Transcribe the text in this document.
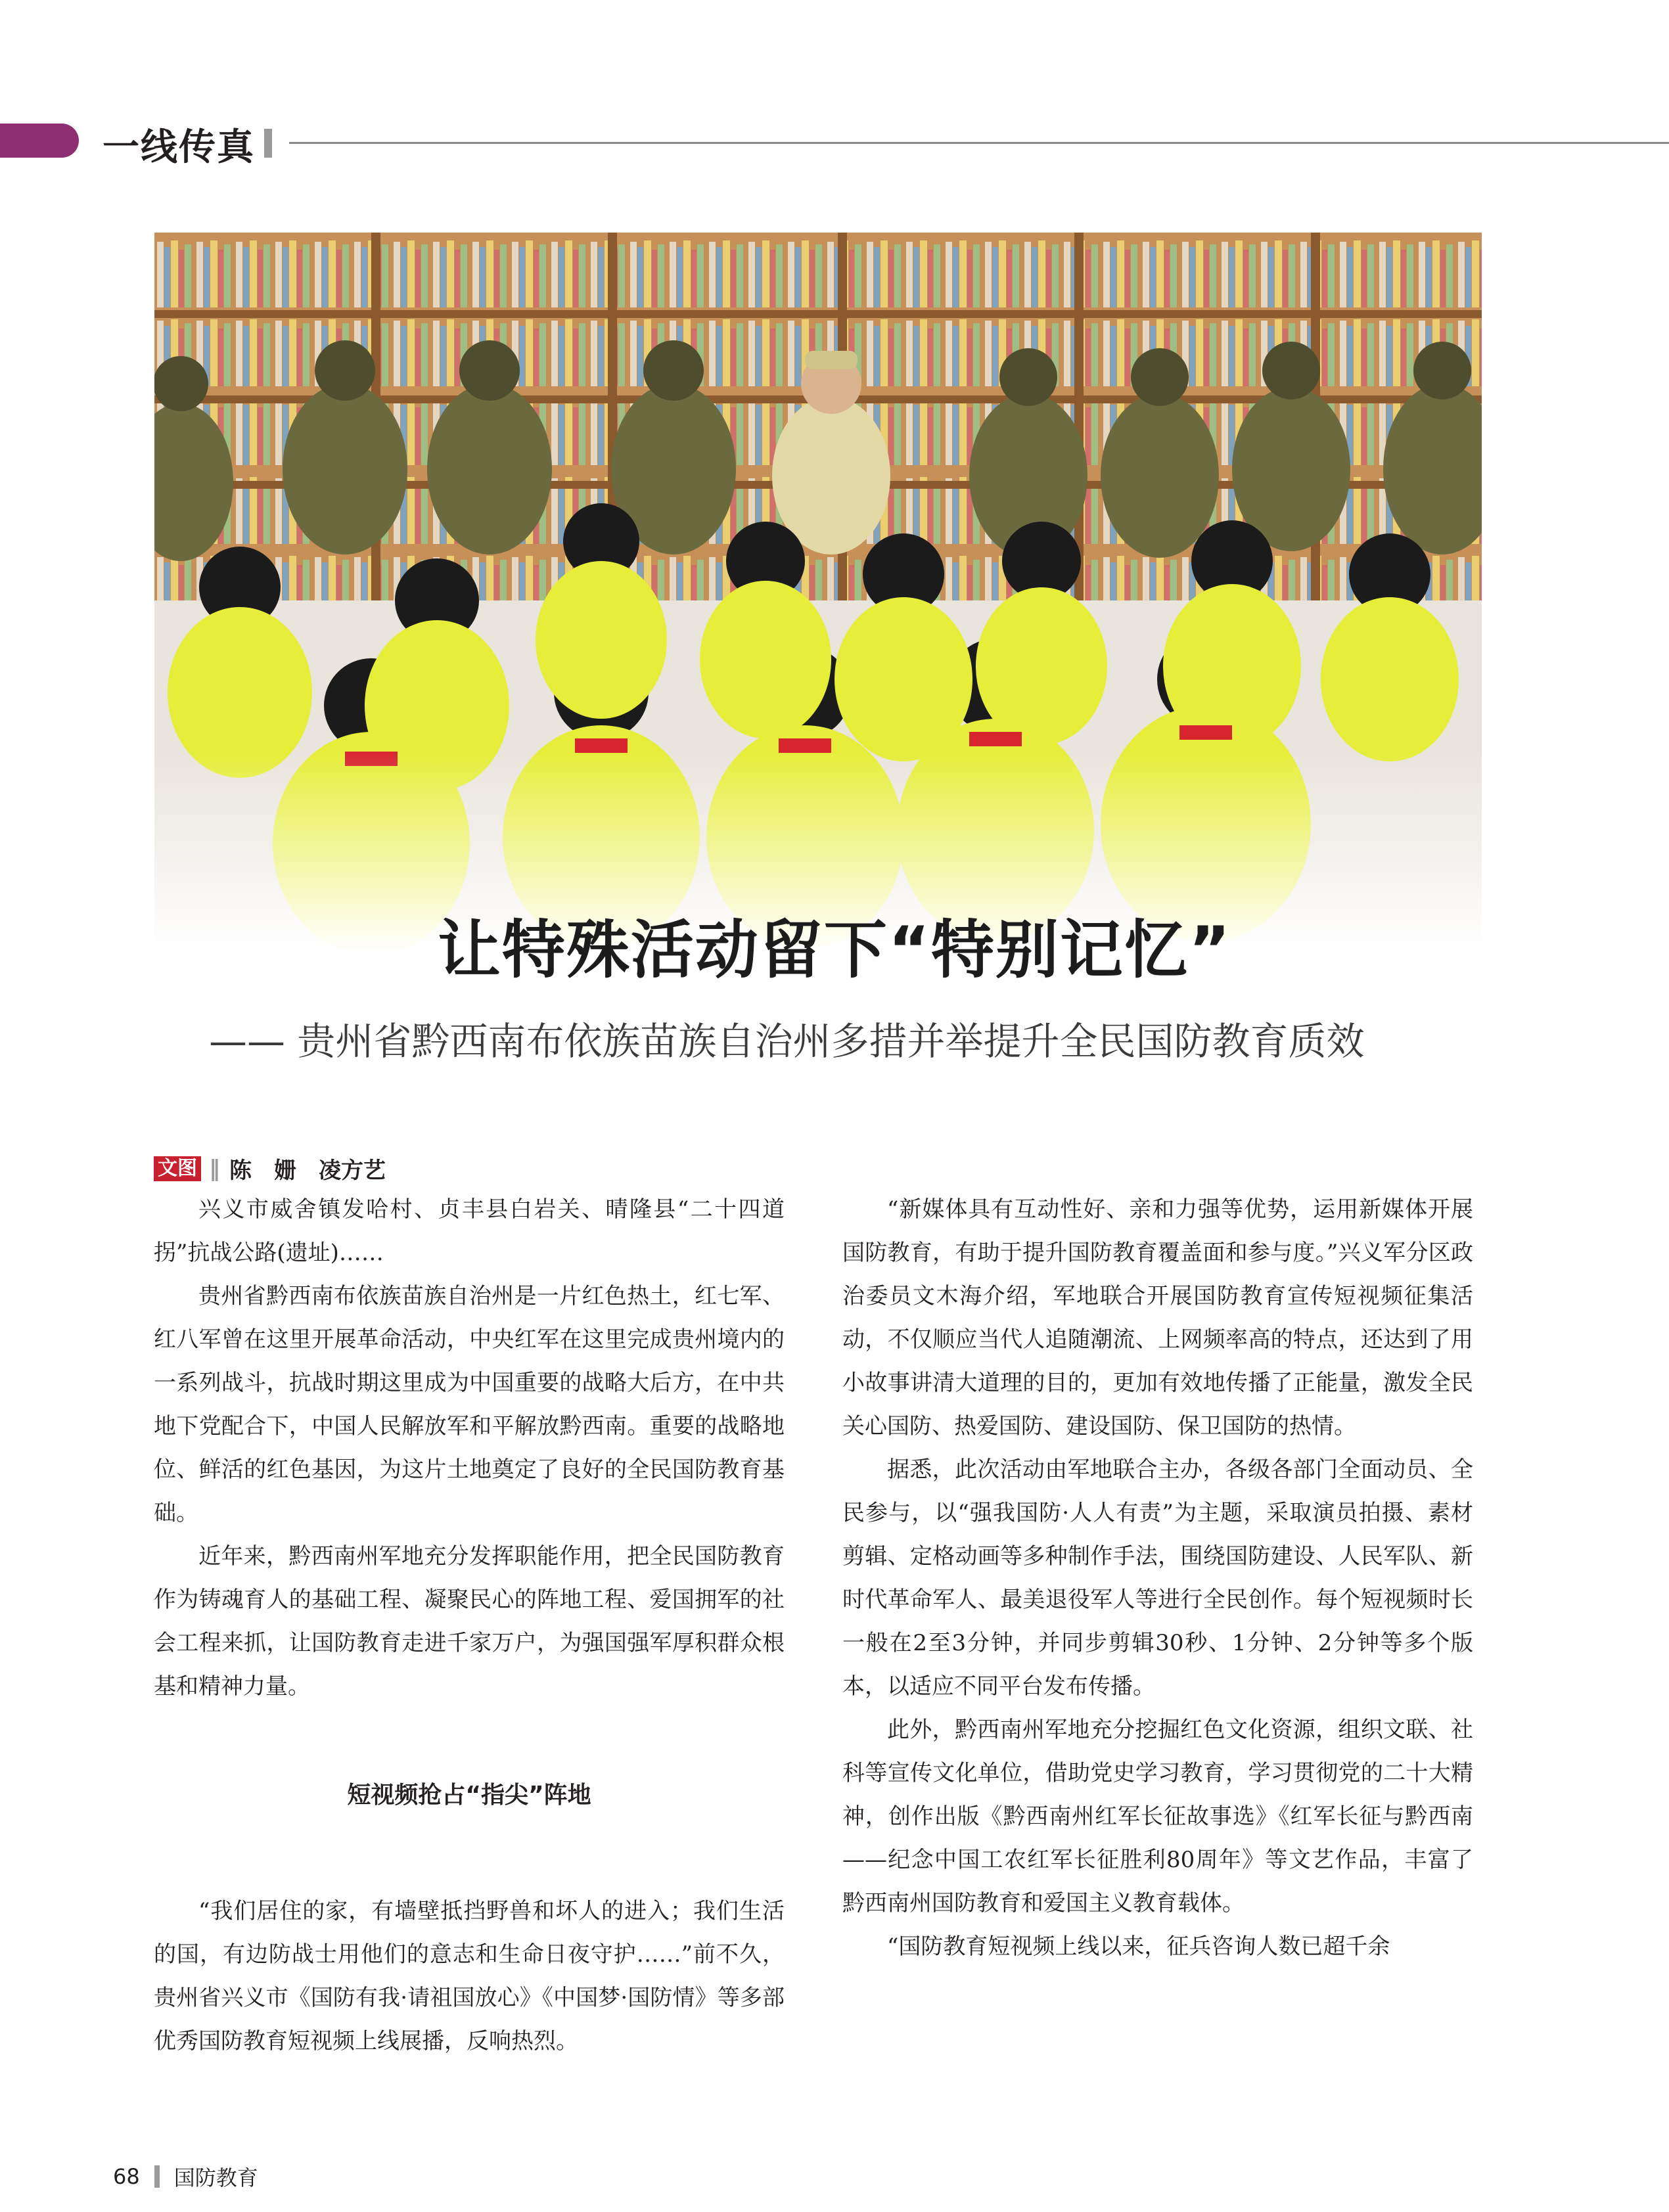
一线传真
让特殊活动留下“特别记忆”
—— 贵州省黔西南布依族苗族自治州多措并举提升全民国防教育质效
文图 ‖ 陈　姗　凌方艺

兴义市威舍镇发哈村、贞丰县白岩关、晴隆县“二十四道拐”抗战公路(遗址)……

贵州省黔西南布依族苗族自治州是一片红色热土，红七军、红八军曾在这里开展革命活动，中央红军在这里完成贵州境内的一系列战斗，抗战时期这里成为中国重要的战略大后方，在中共地下党配合下，中国人民解放军和平解放黔西南。重要的战略地位、鲜活的红色基因，为这片土地奠定了良好的全民国防教育基础。

近年来，黔西南州军地充分发挥职能作用，把全民国防教育作为铸魂育人的基础工程、凝聚民心的阵地工程、爱国拥军的社会工程来抓，让国防教育走进千家万户，为强国强军厚积群众根基和精神力量。

短视频抢占“指尖”阵地

“我们居住的家，有墙壁抵挡野兽和坏人的进入；我们生活的国，有边防战士用他们的意志和生命日夜守护……”前不久，贵州省兴义市《国防有我·请祖国放心》《中国梦·国防情》等多部优秀国防教育短视频上线展播，反响热烈。

“新媒体具有互动性好、亲和力强等优势，运用新媒体开展国防教育，有助于提升国防教育覆盖面和参与度。”兴义军分区政治委员文木海介绍，军地联合开展国防教育宣传短视频征集活动，不仅顺应当代人追随潮流、上网频率高的特点，还达到了用小故事讲清大道理的目的，更加有效地传播了正能量，激发全民关心国防、热爱国防、建设国防、保卫国防的热情。

据悉，此次活动由军地联合主办，各级各部门全面动员、全民参与，以“强我国防·人人有责”为主题，采取演员拍摄、素材剪辑、定格动画等多种制作手法，围绕国防建设、人民军队、新时代革命军人、最美退役军人等进行全民创作。每个短视频时长一般在2至3分钟，并同步剪辑30秒、1分钟、2分钟等多个版本，以适应不同平台发布传播。

此外，黔西南州军地充分挖掘红色文化资源，组织文联、社科等宣传文化单位，借助党史学习教育，学习贯彻党的二十大精神，创作出版《黔西南州红军长征故事选》《红军长征与黔西南——纪念中国工农红军长征胜利80周年》等文艺作品，丰富了黔西南州国防教育和爱国主义教育载体。

“国防教育短视频上线以来，征兵咨询人数已超千余

68 国防教育
